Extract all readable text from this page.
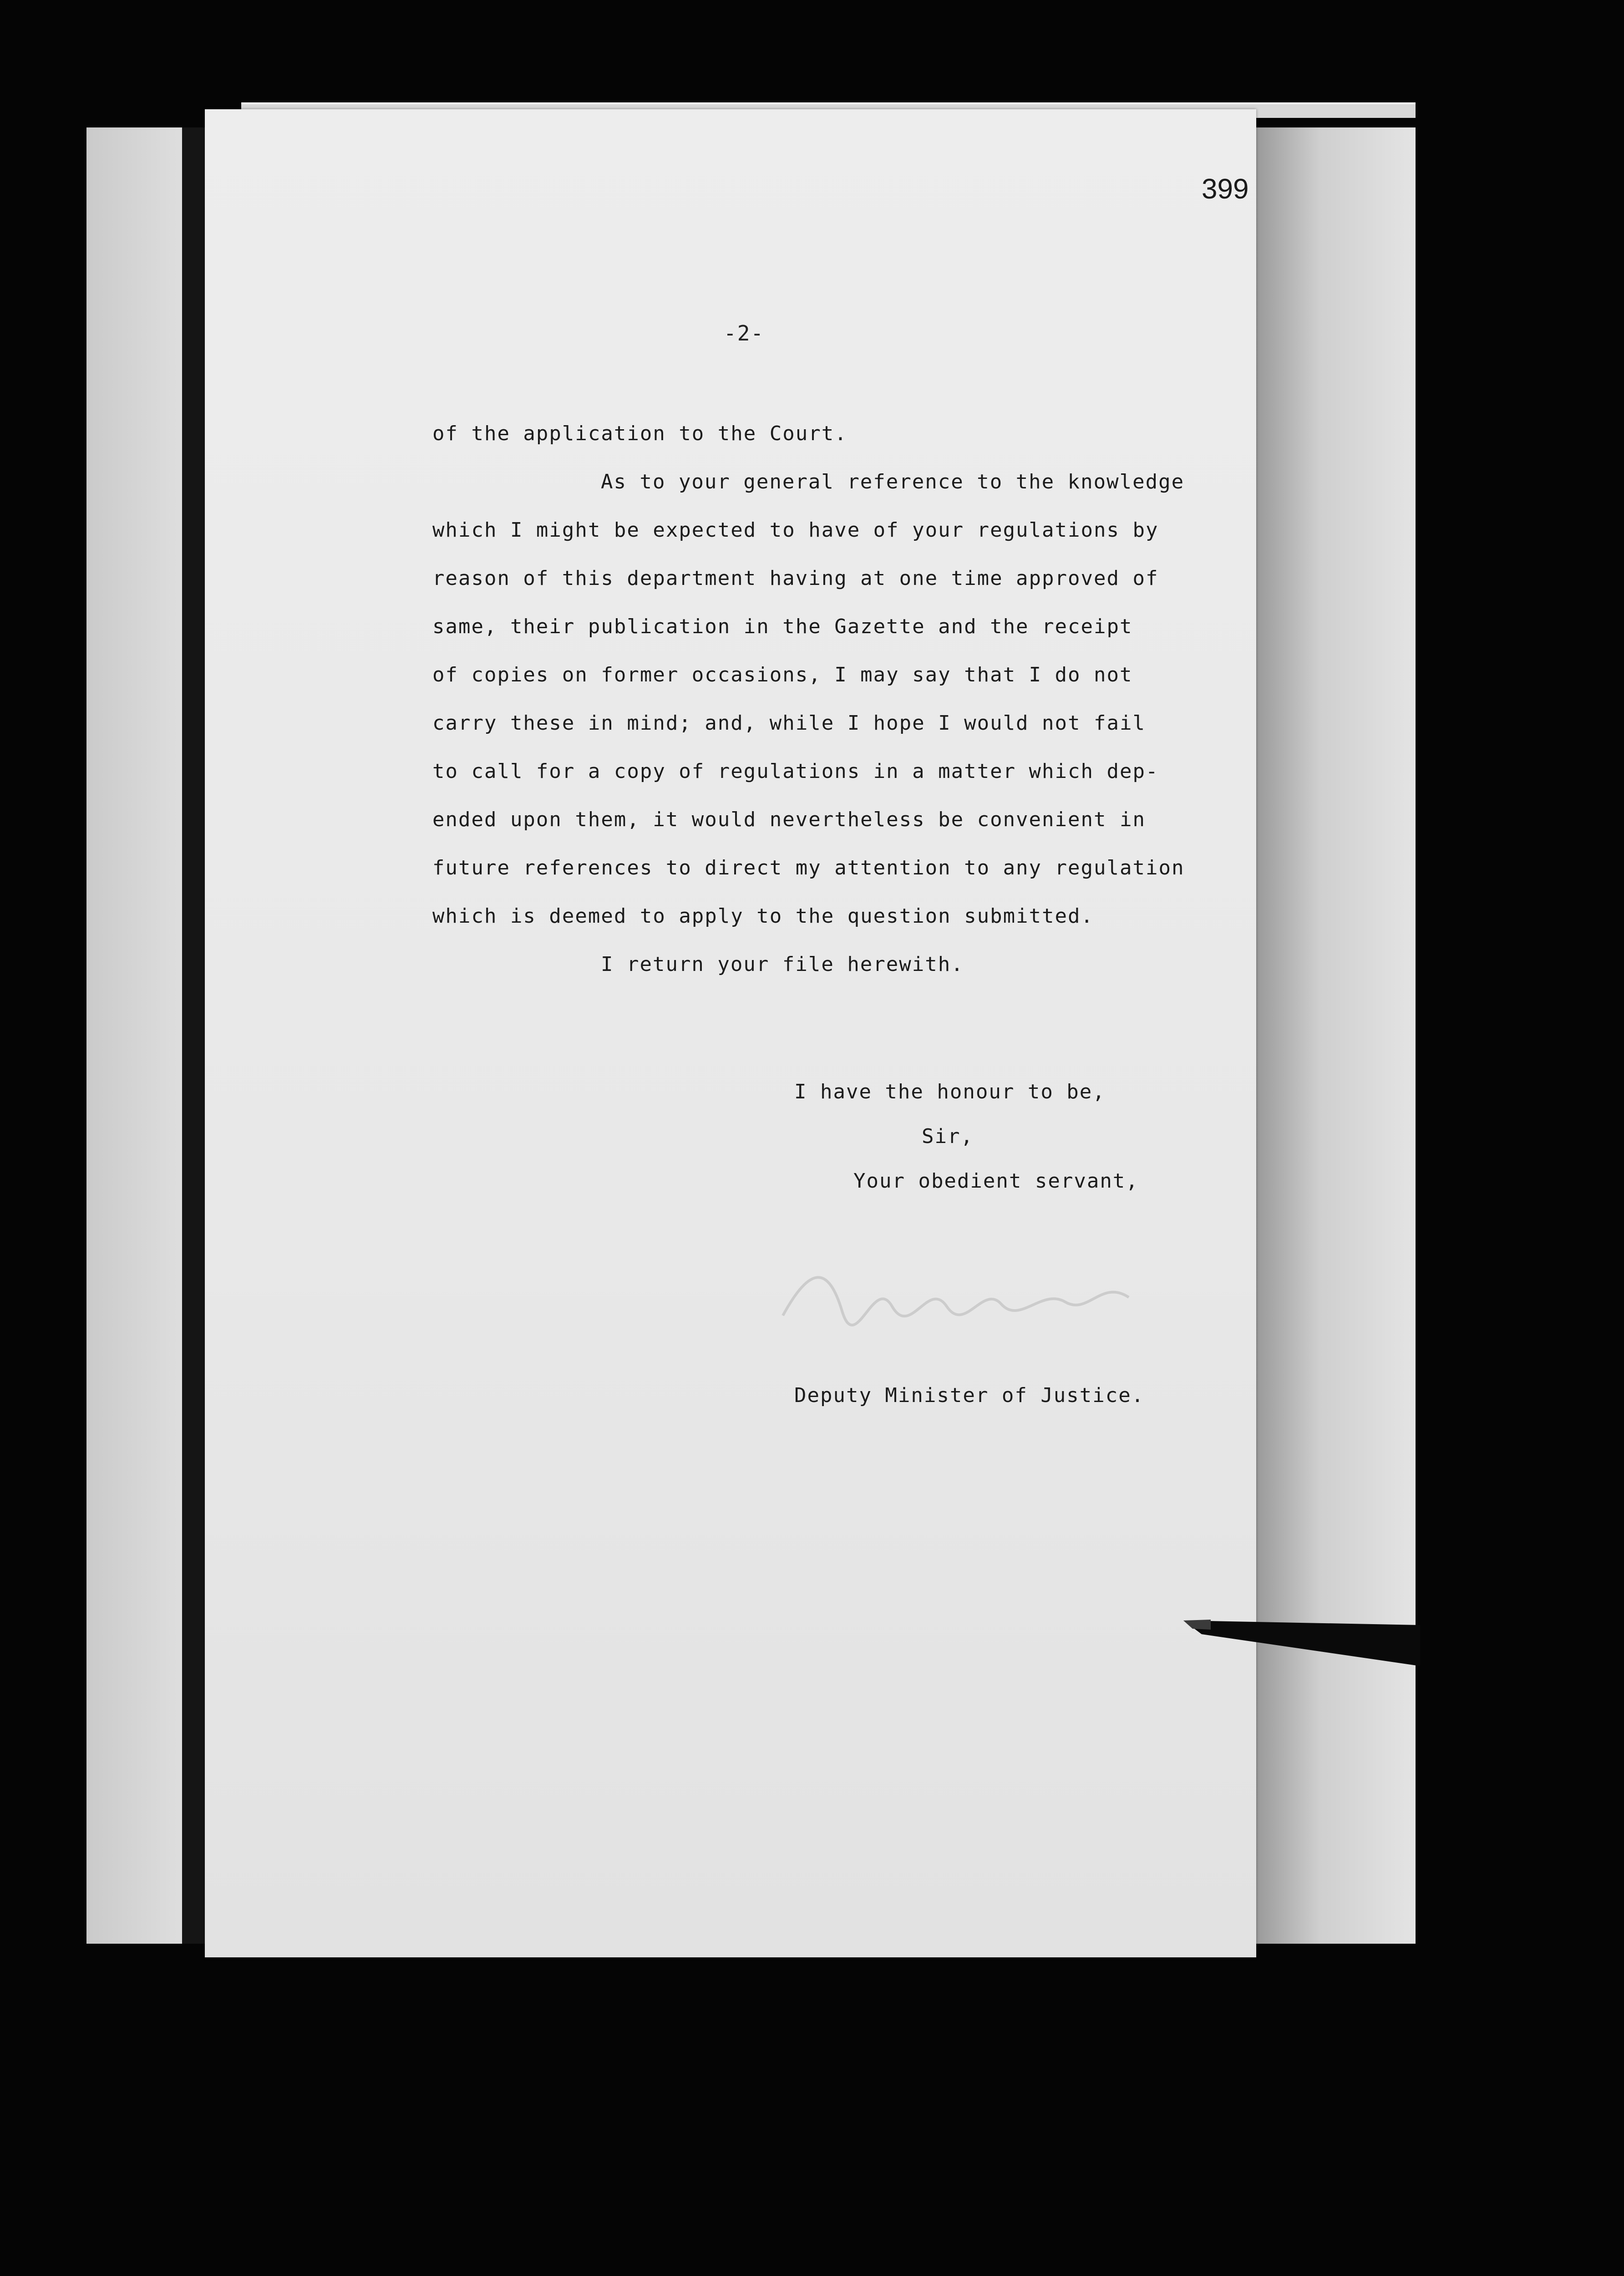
399
-2-

of the application to the Court.

As to your general reference to the knowledge

which I might be expected to have of your regulations by

reason of this department having at one time approved of

same, their publication in the Gazette and the receipt

of copies on former occasions, I may say that I do not

carry these in mind; and, while I hope I would not fail

to call for a copy of regulations in a matter which dep-

ended upon them, it would nevertheless be convenient in

future references to direct my attention to any regulation

which is deemed to apply to the question submitted.

I return your file herewith.

I have the honour to be,

Sir,

Your obedient servant,

Deputy Minister of Justice.
